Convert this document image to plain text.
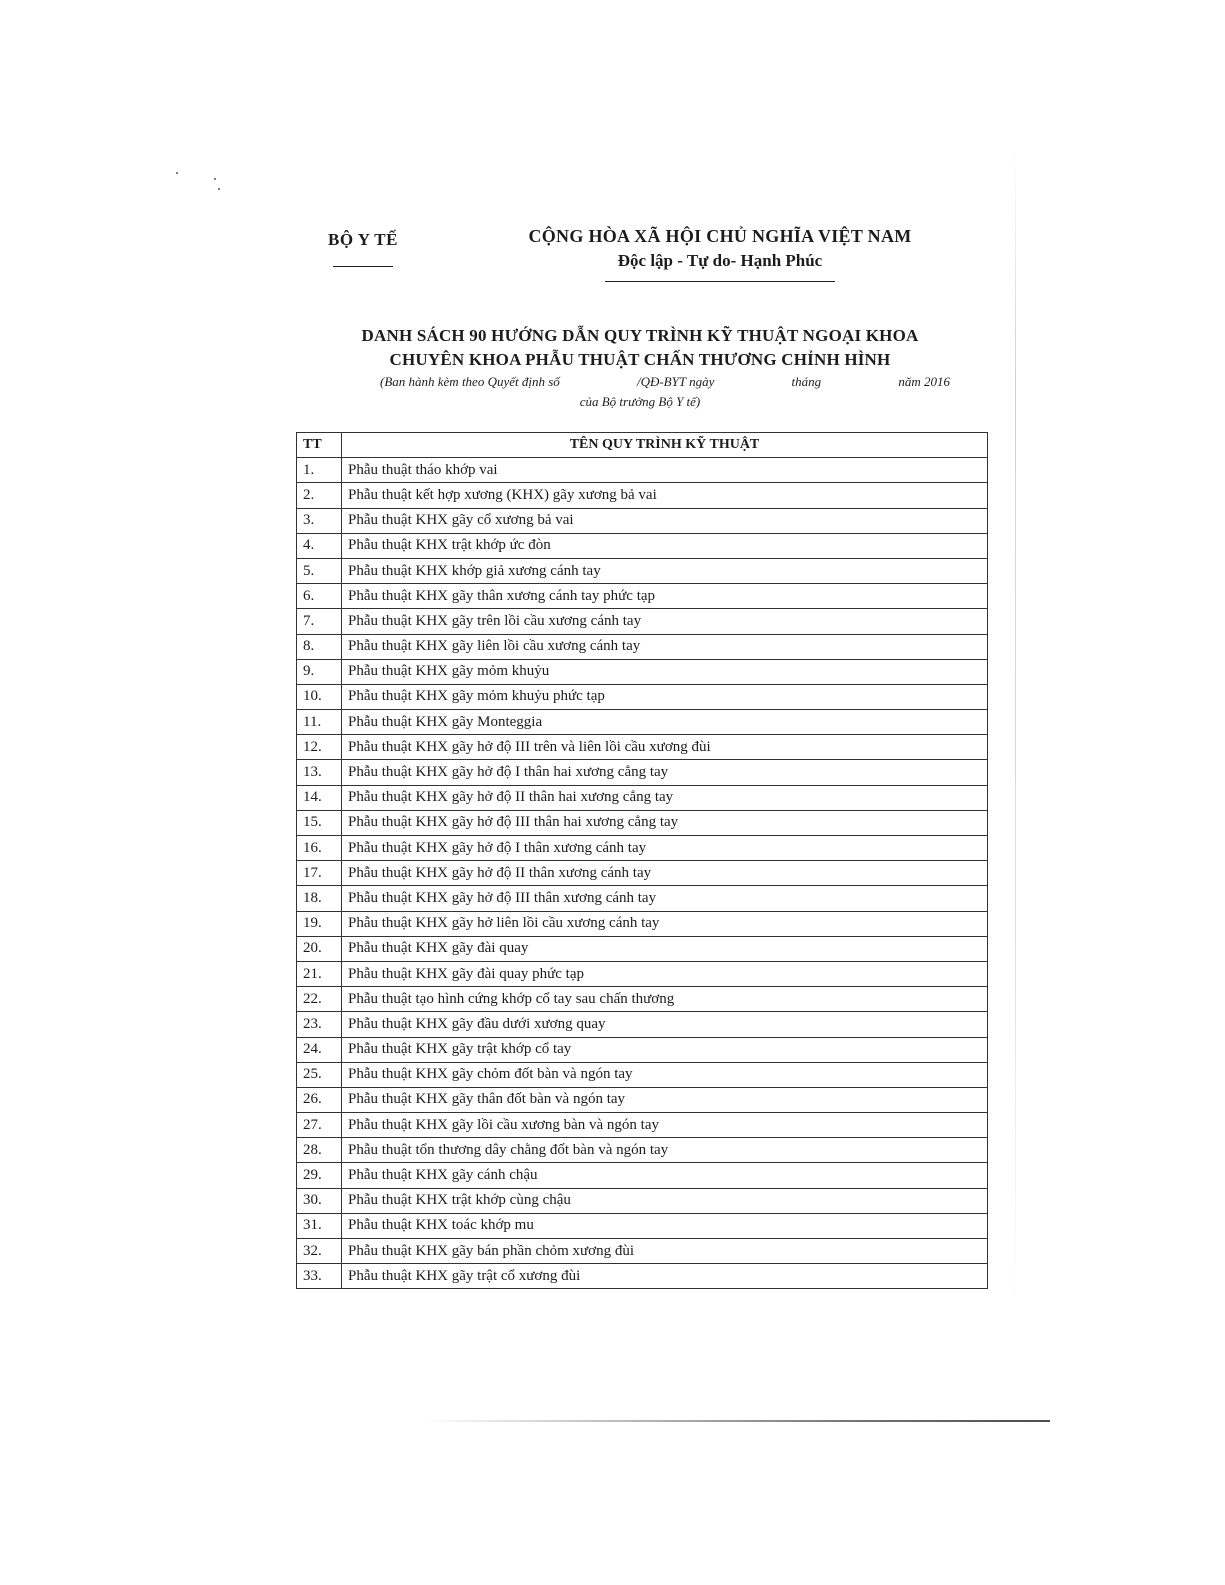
BỘ Y TẾ	CỘNG HÒA XÃ HỘI CHỦ NGHĨA VIỆT NAM
Độc lập - Tự do- Hạnh Phúc
DANH SÁCH 90 HƯỚNG DẪN QUY TRÌNH KỸ THUẬT NGOẠI KHOA
CHUYÊN KHOA PHẪU THUẬT CHẤN THƯƠNG CHỈNH HÌNH
(Ban hành kèm theo Quyết định số	/QĐ-BYT ngày	tháng	năm 2016
của Bộ trưởng Bộ Y tế)
TT	TÊN QUY TRÌNH KỸ THUẬT
1.	Phẫu thuật tháo khớp vai
2.	Phẫu thuật kết hợp xương (KHX) gãy xương bả vai
3.	Phẫu thuật KHX gãy cổ xương bả vai
4.	Phẫu thuật KHX trật khớp ức đòn
5.	Phẫu thuật KHX khớp giả xương cánh tay
6.	Phẫu thuật KHX gãy thân xương cánh tay phức tạp
7.	Phẫu thuật KHX gãy trên lồi cầu xương cánh tay
8.	Phẫu thuật KHX gãy liên lồi cầu xương cánh tay
9.	Phẫu thuật KHX gãy mỏm khuỷu
10.	Phẫu thuật KHX gãy mỏm khuỷu phức tạp
11.	Phẫu thuật KHX gãy Monteggia
12.	Phẫu thuật KHX gãy hở độ III trên và liên lồi cầu xương đùi
13.	Phẫu thuật KHX gãy hở độ I thân hai xương cẳng tay
14.	Phẫu thuật KHX gãy hở độ II thân hai xương cẳng tay
15.	Phẫu thuật KHX gãy hở độ III thân hai xương cẳng tay
16.	Phẫu thuật KHX gãy hở độ I thân xương cánh tay
17.	Phẫu thuật KHX gãy hở độ II thân xương cánh tay
18.	Phẫu thuật KHX gãy hở độ III thân xương cánh tay
19.	Phẫu thuật KHX gãy hở liên lồi cầu xương cánh tay
20.	Phẫu thuật KHX gãy đài quay
21.	Phẫu thuật KHX gãy đài quay phức tạp
22.	Phẫu thuật tạo hình cứng khớp cổ tay sau chấn thương
23.	Phẫu thuật KHX gãy đầu dưới xương quay
24.	Phẫu thuật KHX gãy trật khớp cổ tay
25.	Phẫu thuật KHX gãy chỏm đốt bàn và ngón tay
26.	Phẫu thuật KHX gãy thân đốt bàn và ngón tay
27.	Phẫu thuật KHX gãy lồi cầu xương bàn và ngón tay
28.	Phẫu thuật tổn thương dây chằng đốt bàn và ngón tay
29.	Phẫu thuật KHX gãy cánh chậu
30.	Phẫu thuật KHX trật khớp cùng chậu
31.	Phẫu thuật KHX toác khớp mu
32.	Phẫu thuật KHX gãy bán phần chỏm xương đùi
33.	Phẫu thuật KHX gãy trật cổ xương đùi
